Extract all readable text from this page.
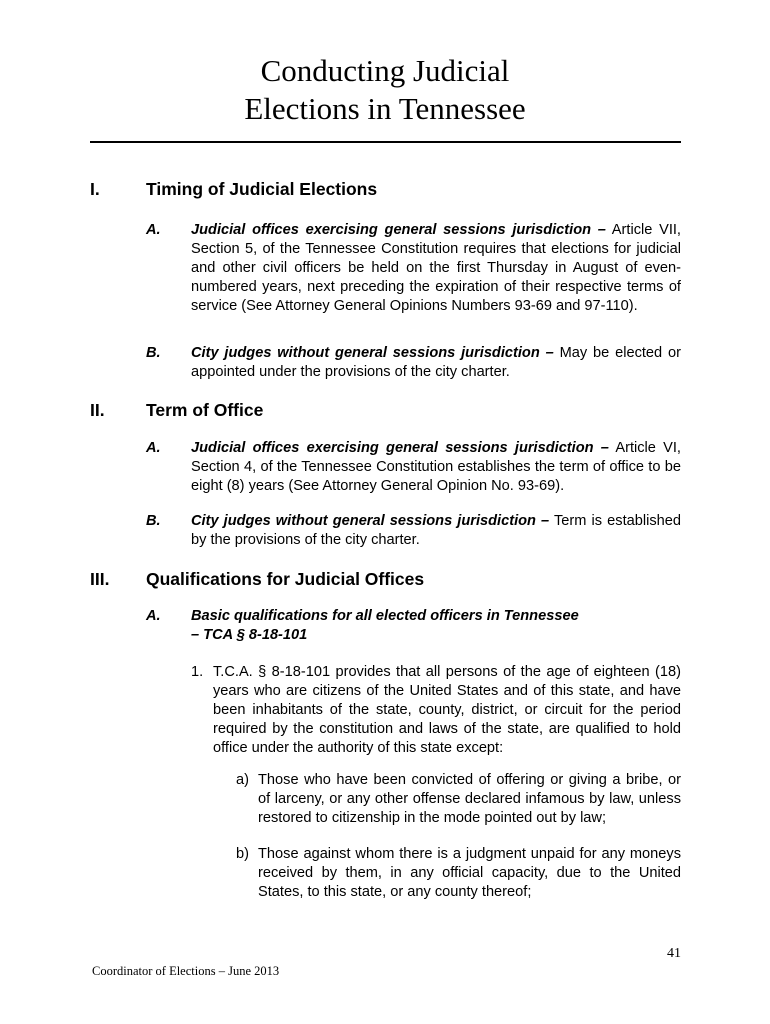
Conducting Judicial
Elections in Tennessee
I.	Timing of Judicial Elections
A. Judicial offices exercising general sessions jurisdiction – Article VII, Section 5, of the Tennessee Constitution requires that elections for judicial and other civil officers be held on the first Thursday in August of even-numbered years, next preceding the expiration of their respective terms of service (See Attorney General Opinions Numbers 93-69 and 97-110).
B. City judges without general sessions jurisdiction – May be elected or appointed under the provisions of the city charter.
II. Term of Office
A. Judicial offices exercising general sessions jurisdiction – Article VI, Section 4, of the Tennessee Constitution establishes the term of office to be eight (8) years (See Attorney General Opinion No. 93-69).
B. City judges without general sessions jurisdiction – Term is established by the provisions of the city charter.
III. Qualifications for Judicial Offices
A. Basic qualifications for all elected officers in Tennessee – TCA § 8-18-101
1. T.C.A. § 8-18-101 provides that all persons of the age of eighteen (18) years who are citizens of the United States and of this state, and have been inhabitants of the state, county, district, or circuit for the period required by the constitution and laws of the state, are qualified to hold office under the authority of this state except:
a) Those who have been convicted of offering or giving a bribe, or of larceny, or any other offense declared infamous by law, unless restored to citizenship in the mode pointed out by law;
b) Those against whom there is a judgment unpaid for any moneys received by them, in any official capacity, due to the United States, to this state, or any county thereof;
41
Coordinator of Elections – June 2013
